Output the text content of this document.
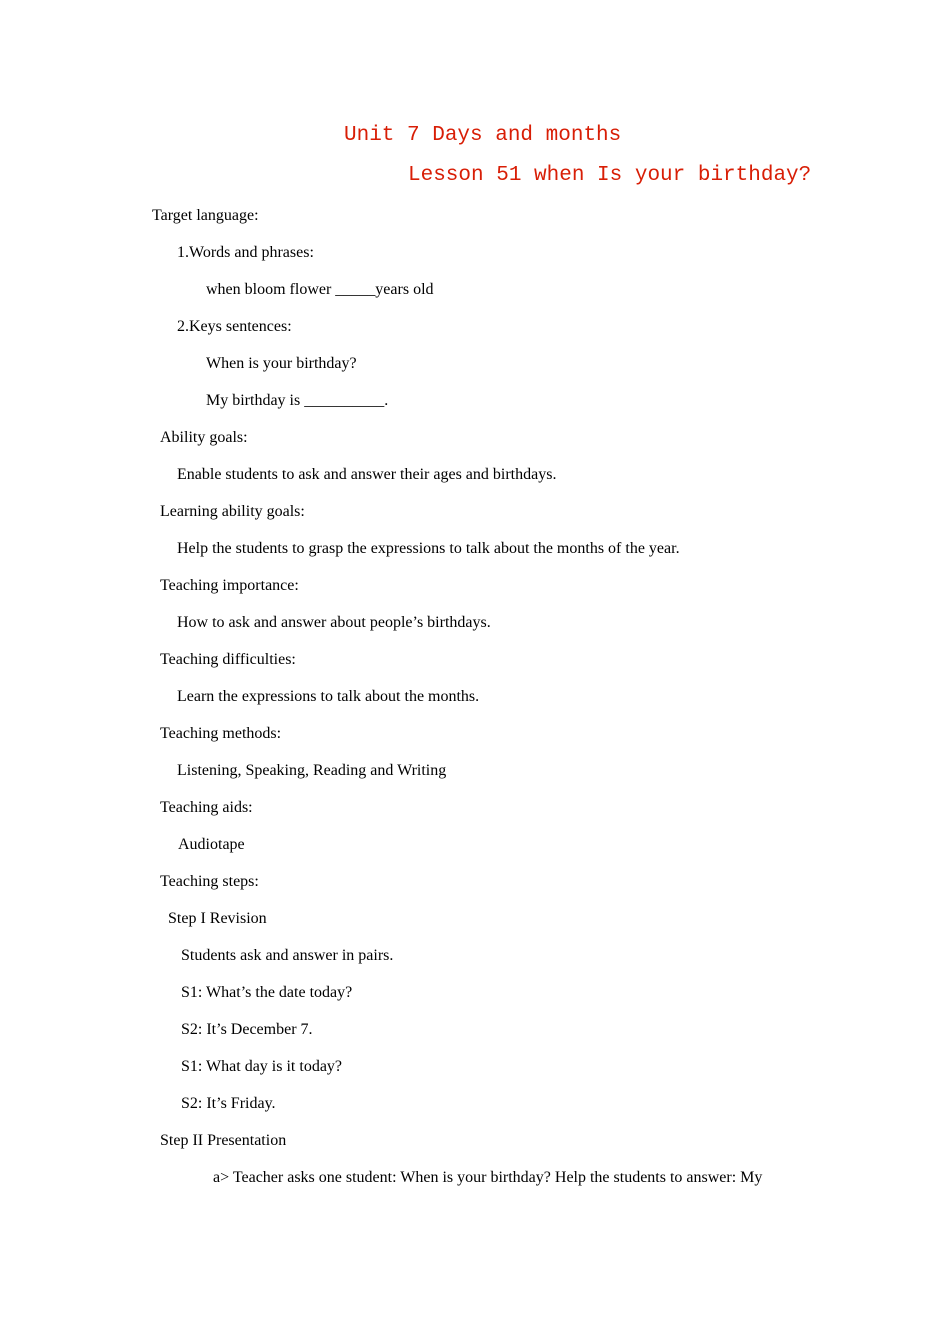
Unit 7 Days and months
Lesson 51 when Is your birthday?

Target language:

1.Words and phrases:

when bloom flower _____years old

2.Keys sentences:

When is your birthday?

My birthday is __________.

Ability goals:

Enable students to ask and answer their ages and birthdays.

Learning ability goals:

Help the students to grasp the expressions to talk about the months of the year.

Teaching importance:

How to ask and answer about people’s birthdays.

Teaching difficulties:

Learn the expressions to talk about the months.

Teaching methods:

Listening, Speaking, Reading and Writing

Teaching aids:

Audiotape

Teaching steps:

Step I Revision

Students ask and answer in pairs.

S1: What’s the date today?

S2: It’s December 7.

S1: What day is it today?

S2: It’s Friday.

Step II Presentation

a> Teacher asks one student: When is your birthday? Help the students to answer: My
